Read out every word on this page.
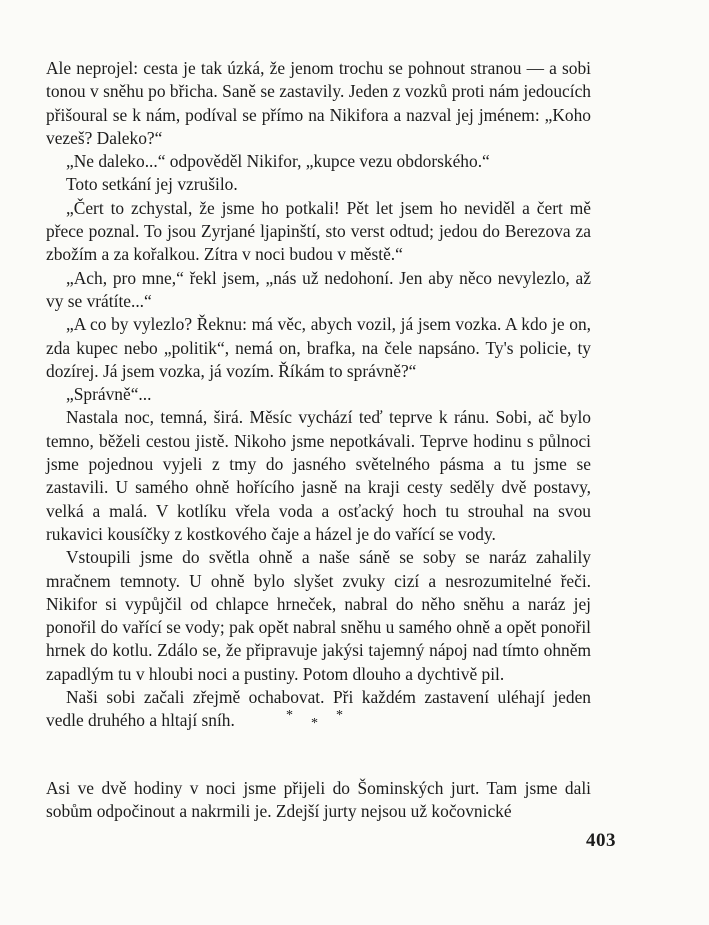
Ale neprojel: cesta je tak úzká, že jenom trochu se pohnout stranou — a sobi tonou v sněhu po břicha. Saně se zastavily. Jeden z vozků proti nám jedoucích přišoural se k nám, podíval se přímo na Nikifora a nazval jej jménem: „Koho vezeš? Daleko?“

„Ne daleko...“ odpověděl Nikifor, „kupce vezu obdorského.“

Toto setkání jej vzrušilo.

„Čert to zchystal, že jsme ho potkali! Pět let jsem ho neviděl a čert mě přece poznal. To jsou Zyrjané ljapinští, sto verst odtud; jedou do Berezova za zbožím a za kořalkou. Zítra v noci budou v městě.“

„Ach, pro mne,“ řekl jsem, „nás už nedohoní. Jen aby něco nevylezlo, až vy se vrátíte...“

„A co by vylezlo? Řeknu: má věc, abych vozil, já jsem vozka. A kdo je on, zda kupec nebo „politik“, nemá on, brafka, na čele napsáno. Ty's policie, ty dozírej. Já jsem vozka, já vozím. Říkám to správně?“

„Správně“...

Nastala noc, temná, širá. Měsíc vychází teď teprve k ránu. Sobi, ač bylo temno, běželi cestou jistě. Nikoho jsme nepotkávali. Teprve hodinu s půlnoci jsme pojednou vyjeli z tmy do jasného světelného pásma a tu jsme se zastavili. U samého ohně hořícího jasně na kraji cesty seděly dvě postavy, velká a malá. V kotlíku vřela voda a osťacký hoch tu strouhal na svou rukavici kousíčky z kostkového čaje a házel je do vařící se vody.

Vstoupili jsme do světla ohně a naše sáně se soby se naráz zahalily mračnem temnoty. U ohně bylo slyšet zvuky cizí a nesrozumitelné řeči. Nikifor si vypůjčil od chlapce hrneček, nabral do něho sněhu a naráz jej ponořil do vařící se vody; pak opět nabral sněhu u samého ohně a opět ponořil hrnek do kotlu. Zdálo se, že připravuje jakýsi tajemný nápoj nad tímto ohněm zapadlým tu v hloubi noci a pustiny. Potom dlouho a dychtivě pil.

Naši sobi začali zřejmě ochabovat. Při každém zastavení uléhají jeden vedle druhého a hltají sníh.	*
*
*

Asi ve dvě hodiny v noci jsme přijeli do Šominských jurt. Tam jsme dali sobům odpočinout a nakrmili je. Zdejší jurty nejsou už kočovnické

403
